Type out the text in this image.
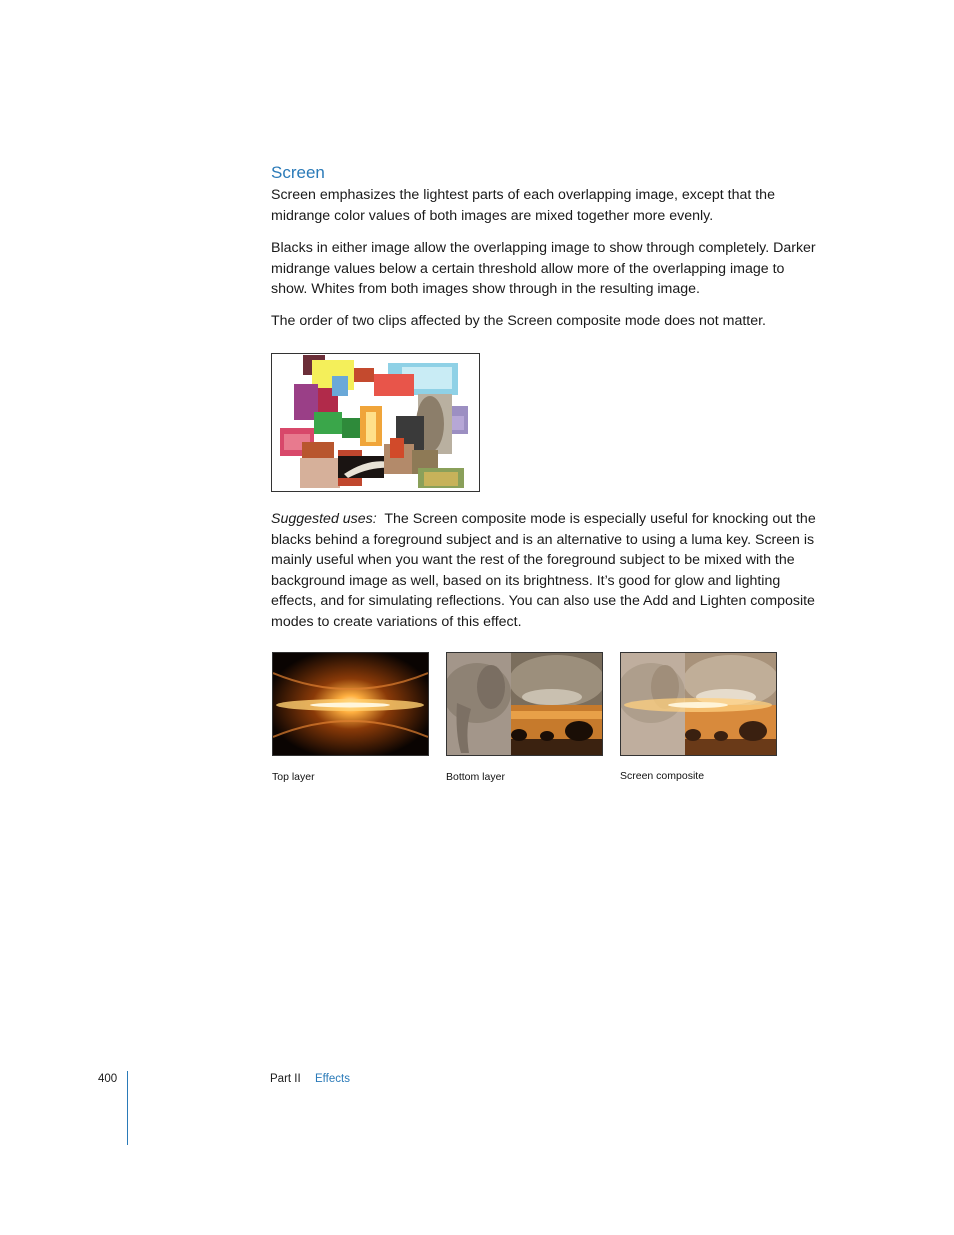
Screen

Screen emphasizes the lightest parts of each overlapping image, except that the midrange color values of both images are mixed together more evenly.

Blacks in either image allow the overlapping image to show through completely. Darker midrange values below a certain threshold allow more of the overlapping image to show. Whites from both images show through in the resulting image.

The order of two clips affected by the Screen composite mode does not matter.

Suggested uses: The Screen composite mode is especially useful for knocking out the blacks behind a foreground subject and is an alternative to using a luma key. Screen is mainly useful when you want the rest of the foreground subject to be mixed with the background image as well, based on its brightness. It’s good for glow and lighting effects, and for simulating reflections. You can also use the Add and Lighten composite modes to create variations of this effect.

Top layer	Bottom layer	Screen composite

400	Part II Effects
